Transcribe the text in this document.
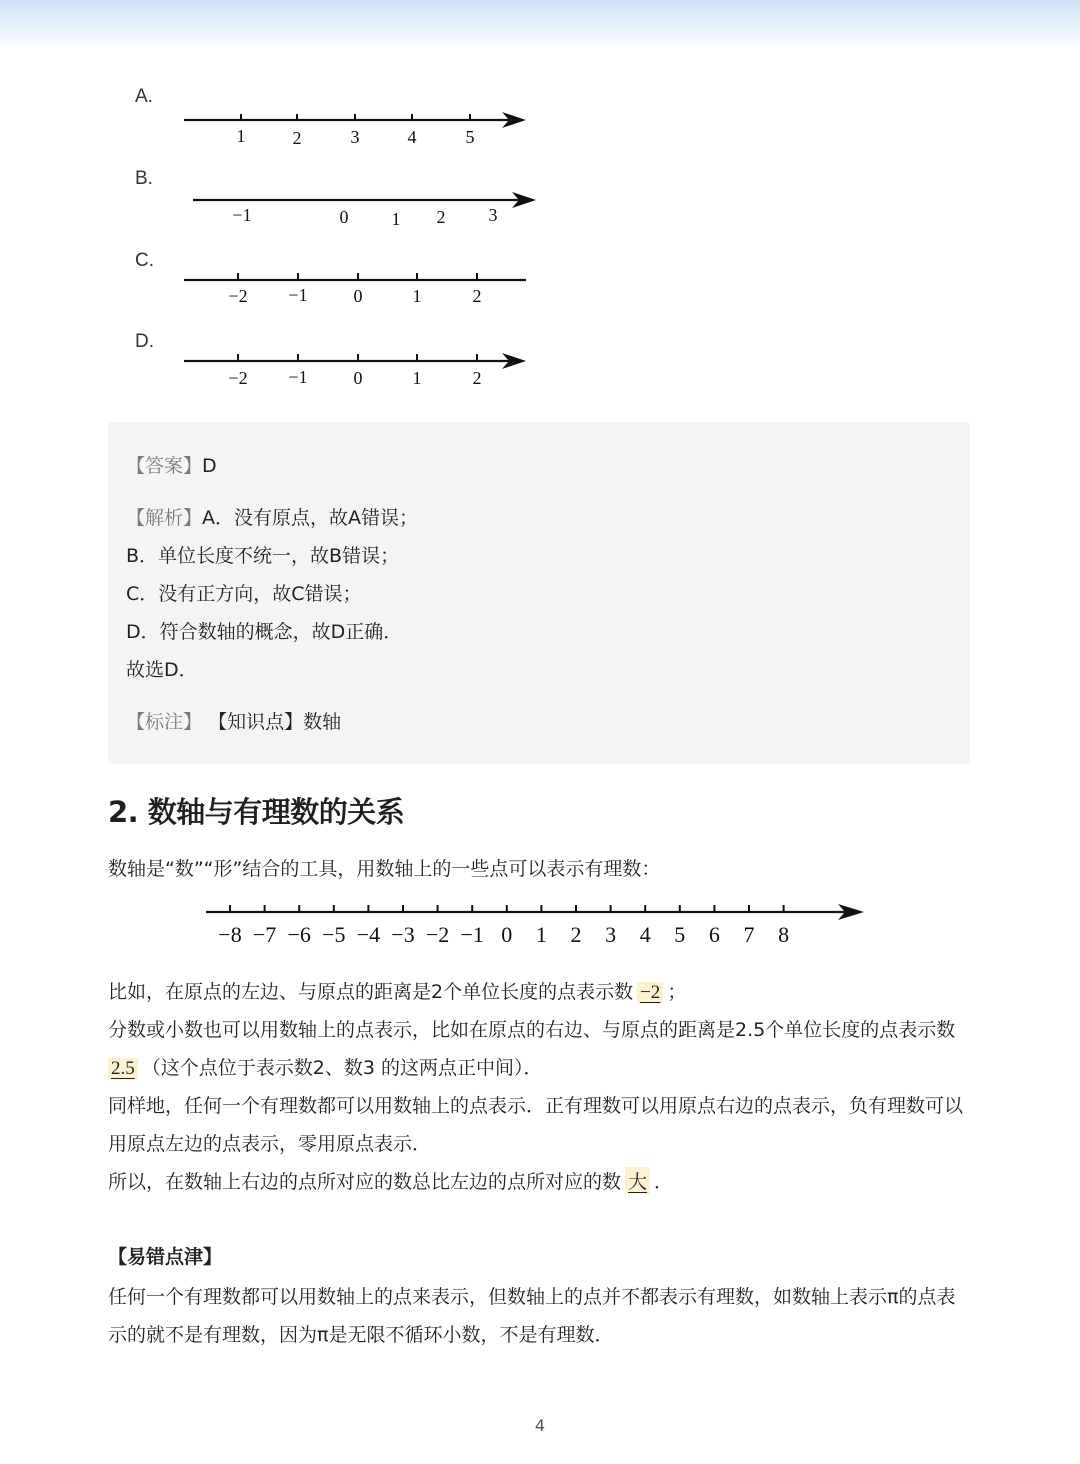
A.
1	2	3	4	5
B.
−1	0 1 2 3
C.
−2 −1	0	1	2
D.
−2 −1	0	1	2
【答案】D
【解析】A．没有原点，故A错误；
B．单位长度不统一，故B错误；
C．没有正方向，故C错误；
D．符合数轴的概念，故D正确．
故选D．
【标注】 【知识点】数轴
2. 数轴与有理数的关系
数轴是“数”“形”结合的工具，用数轴上的一些点可以表示有理数：
−8 −7 −6 −5 −4 −3 −2 −1 0 1 2 3 4 5 6 7 8
比如，在原点的左边、与原点的距离是2个单位长度的点表示数 −2 ；
分数或小数也可以用数轴上的点表示，比如在原点的右边、与原点的距离是2.5个单位长度的点表示数
2.5 （这个点位于表示数2、数3 的这两点正中间）．
同样地，任何一个有理数都可以用数轴上的点表示．正有理数可以用原点右边的点表示，负有理数可以
用原点左边的点表示，零用原点表示．
所以，在数轴上右边的点所对应的数总比左边的点所对应的数 大 ．
【易错点津】
任何一个有理数都可以用数轴上的点来表示，但数轴上的点并不都表示有理数，如数轴上表示π的点表
示的就不是有理数，因为π是无限不循环小数，不是有理数．
4
